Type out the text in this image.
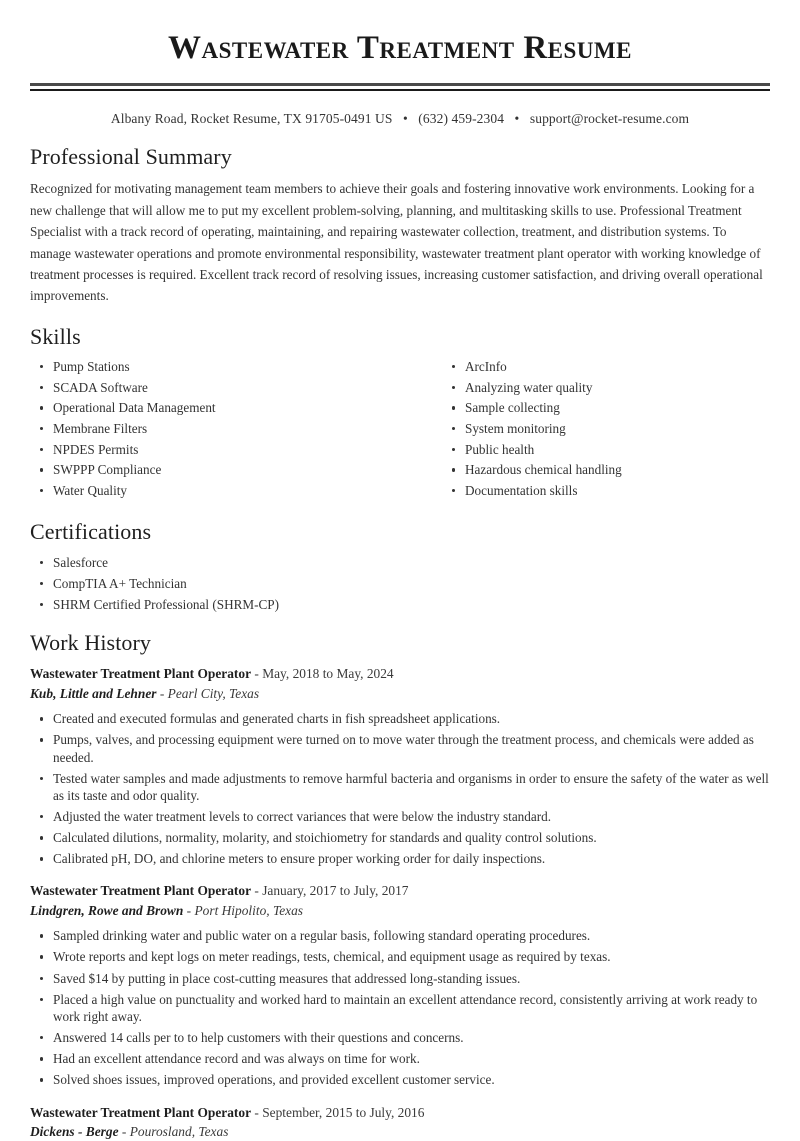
Wastewater Treatment Resume
Albany Road, Rocket Resume, TX 91705-0491 US • (632) 459-2304 • support@rocket-resume.com
Professional Summary

Recognized for motivating management team members to achieve their goals and fostering innovative work environments. Looking for a new challenge that will allow me to put my excellent problem-solving, planning, and multitasking skills to use. Professional Treatment Specialist with a track record of operating, maintaining, and repairing wastewater collection, treatment, and distribution systems. To manage wastewater operations and promote environmental responsibility, wastewater treatment plant operator with working knowledge of treatment processes is required. Excellent track record of resolving issues, increasing customer satisfaction, and driving overall operational improvements.

Skills
Pump Stations
SCADA Software
Operational Data Management
Membrane Filters
NPDES Permits
SWPPP Compliance
Water Quality
ArcInfo
Analyzing water quality
Sample collecting
System monitoring
Public health
Hazardous chemical handling
Documentation skills
Certifications
Salesforce
CompTIA A+ Technician
SHRM Certified Professional (SHRM-CP)
Work History
Wastewater Treatment Plant Operator - May, 2018 to May, 2024
Kub, Little and Lehner - Pearl City, Texas
Created and executed formulas and generated charts in fish spreadsheet applications.
Pumps, valves, and processing equipment were turned on to move water through the treatment process, and chemicals were added as needed.
Tested water samples and made adjustments to remove harmful bacteria and organisms in order to ensure the safety of the water as well as its taste and odor quality.
Adjusted the water treatment levels to correct variances that were below the industry standard.
Calculated dilutions, normality, molarity, and stoichiometry for standards and quality control solutions.
Calibrated pH, DO, and chlorine meters to ensure proper working order for daily inspections.
Wastewater Treatment Plant Operator - January, 2017 to July, 2017
Lindgren, Rowe and Brown - Port Hipolito, Texas
Sampled drinking water and public water on a regular basis, following standard operating procedures.
Wrote reports and kept logs on meter readings, tests, chemical, and equipment usage as required by texas.
Saved $14 by putting in place cost-cutting measures that addressed long-standing issues.
Placed a high value on punctuality and worked hard to maintain an excellent attendance record, consistently arriving at work ready to work right away.
Answered 14 calls per to to help customers with their questions and concerns.
Had an excellent attendance record and was always on time for work.
Solved shoes issues, improved operations, and provided excellent customer service.
Wastewater Treatment Plant Operator - September, 2015 to July, 2016
Dickens - Berge - Pourosland, Texas
